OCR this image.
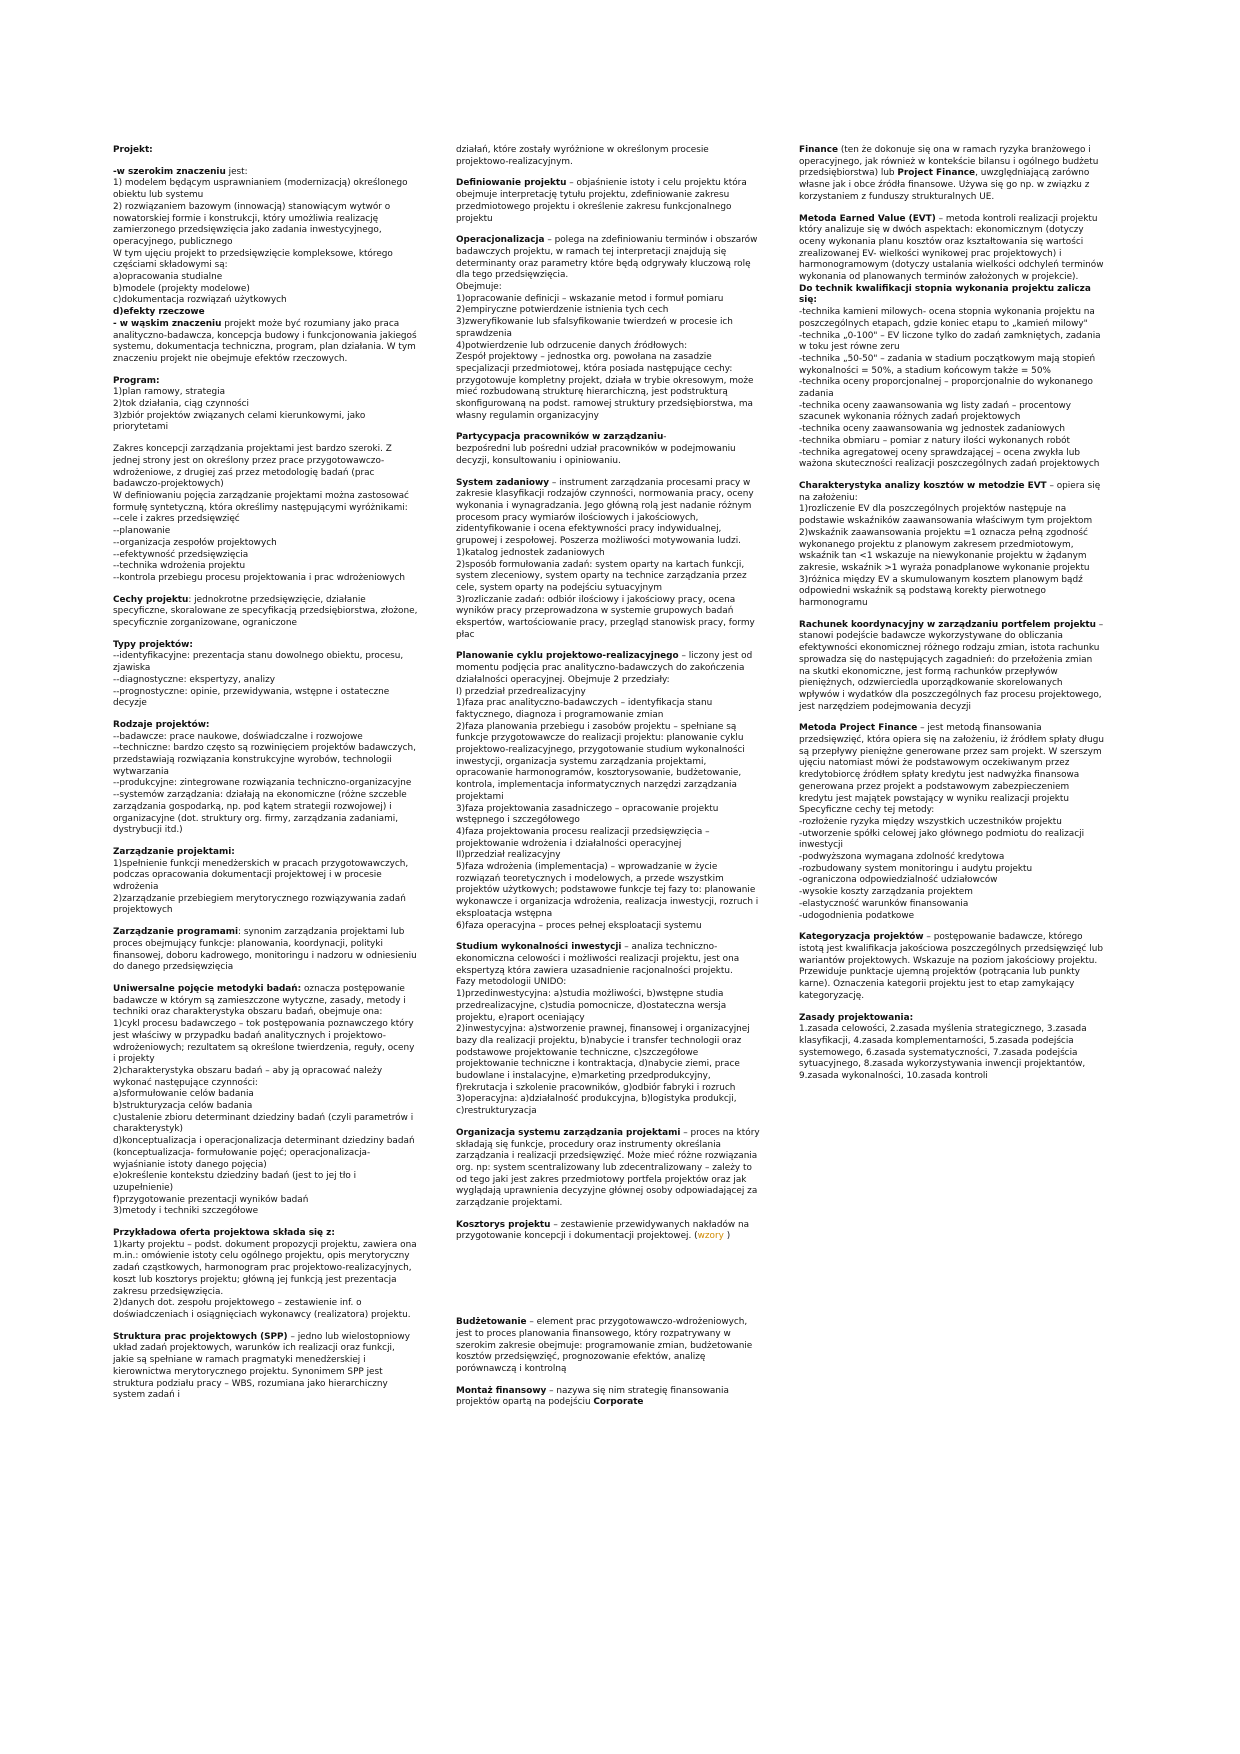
Projekt:
-w szerokim znaczeniu jest:
1) modelem będącym usprawnianiem (modernizacją) określonego obiektu lub systemu
2) rozwiązaniem bazowym (innowacją) stanowiącym wytwór o nowatorskiej formie i konstrukcji, który umożliwia realizację zamierzonego przedsięwzięcia jako zadania inwestycyjnego, operacyjnego, publicznego
W tym ujęciu projekt to przedsięwzięcie kompleksowe, którego częściami składowymi są:
a)opracowania studialne
b)modele (projekty modelowe)
c)dokumentacja rozwiązań użytkowych
d)efekty rzeczowe
- w wąskim znaczeniu projekt może być rozumiany jako praca analityczno-badawcza, koncepcja budowy i funkcjonowania jakiegoś systemu, dokumentacja techniczna, program, plan działania. W tym znaczeniu projekt nie obejmuje efektów rzeczowych.
Program:
1)plan ramowy, strategia
2)tok działania, ciąg czynności
3)zbiór projektów związanych celami kierunkowymi, jako priorytetami
Zakres koncepcji zarządzania projektami jest bardzo szeroki. Z jednej strony jest on określony przez prace przygotowawczo-wdrożeniowe, z drugiej zaś przez metodologię badań (prac badawczo-projektowych)
W definiowaniu pojęcia zarządzanie projektami można zastosować formułę syntetyczną, która określimy następującymi wyróżnikami:
--cele i zakres przedsięwzięć
--planowanie
--organizacja zespołów projektowych
--efektywność przedsięwzięcia
--technika wdrożenia projektu
--kontrola przebiegu procesu projektowania i prac wdrożeniowych
Cechy projektu: jednokrotne przedsięwzięcie, działanie specyficzne, skoralowane ze specyfikacją przedsiębiorstwa, złożone, specyficznie zorganizowane, ograniczone
Typy projektów:
--identyfikacyjne: prezentacja stanu dowolnego obiektu, procesu, zjawiska
--diagnostyczne: ekspertyzy, analizy
--prognostyczne: opinie, przewidywania, wstępne i ostateczne decyzje
Rodzaje projektów:
--badawcze: prace naukowe, doświadczalne i rozwojowe
--techniczne: bardzo często są rozwinięciem projektów badawczych, przedstawiają rozwiązania konstrukcyjne wyrobów, technologii wytwarzania
--produkcyjne: zintegrowane rozwiązania techniczno-organizacyjne
--systemów zarządzania: działają na ekonomiczne (różne szczeble zarządzania gospodarką, np. pod kątem strategii rozwojowej) i organizacyjne (dot. struktury org. firmy, zarządzania zadaniami, dystrybucji itd.)
Zarządzanie projektami:
1)spełnienie funkcji menedżerskich w pracach przygotowawczych, podczas opracowania dokumentacji projektowej i w procesie wdrożenia
2)zarządzanie przebiegiem merytorycznego rozwiązywania zadań projektowych
Zarządzanie programami: synonim zarządzania projektami lub proces obejmujący funkcje: planowania, koordynacji, polityki finansowej, doboru kadrowego, monitoringu i nadzoru w odniesieniu do danego przedsięwzięcia
Uniwersalne pojęcie metodyki badań: oznacza postępowanie badawcze w którym są zamieszczone wytyczne, zasady, metody i techniki oraz charakterystyka obszaru badań, obejmuje ona:
1)cykl procesu badawczego – tok postępowania poznawczego który jest właściwy w przypadku badań analitycznych i projektowo-wdrożeniowych; rezultatem są określone twierdzenia, reguły, oceny i projekty
2)charakterystyka obszaru badań – aby ją opracować należy wykonać następujące czynności:
a)sformułowanie celów badania
b)strukturyzacja celów badania
c)ustalenie zbioru determinant dziedziny badań (czyli parametrów i charakterystyk)
d)konceptualizacja i operacjonalizacja determinant dziedziny badań (konceptualizacja- formułowanie pojęć; operacjonalizacja- wyjaśnianie istoty danego pojęcia)
e)określenie kontekstu dziedziny badań (jest to jej tło i uzupełnienie)
f)przygotowanie prezentacji wyników badań
3)metody i techniki szczegółowe
Przykładowa oferta projektowa składa się z:
1)karty projektu – podst. dokument propozycji projektu, zawiera ona m.in.: omówienie istoty celu ogólnego projektu, opis merytoryczny zadań cząstkowych, harmonogram prac projektowo-realizacyjnych, koszt lub kosztorys projektu; główną jej funkcją jest prezentacja zakresu przedsięwzięcia.
2)danych dot. zespołu projektowego – zestawienie inf. o doświadczeniach i osiągnięciach wykonawcy (realizatora) projektu.
Struktura prac projektowych (SPP) – jedno lub wielostopniowy układ zadań projektowych, warunków ich realizacji oraz funkcji, jakie są spełniane w ramach pragmatyki menedżerskiej i kierownictwa merytorycznego projektu. Synonimem SPP jest struktura podziału pracy – WBS, rozumiana jako hierarchiczny system zadań i
działań, które zostały wyróżnione w określonym procesie projektowo-realizacyjnym.
Definiowanie projektu – objaśnienie istoty i celu projektu która obejmuje interpretację tytułu projektu, zdefiniowanie zakresu przedmiotowego projektu i określenie zakresu funkcjonalnego projektu
Operacjonalizacja – polega na zdefiniowaniu terminów i obszarów badawczych projektu, w ramach tej interpretacji znajdują się determinanty oraz parametry które będą odgrywały kluczową rolę dla tego przedsięwzięcia.
Obejmuje:
1)opracowanie definicji – wskazanie metod i formuł pomiaru
2)empiryczne potwierdzenie istnienia tych cech
3)zweryfikowanie lub sfalsyfikowanie twierdzeń w procesie ich sprawdzenia
4)potwierdzenie lub odrzucenie danych źródłowych:
Zespół projektowy – jednostka org. powołana na zasadzie specjalizacji przedmiotowej, która posiada następujące cechy: przygotowuje kompletny projekt, działa w trybie okresowym, może mieć rozbudowaną strukturę hierarchiczną, jest podstrukturą skonfigurowaną na podst. ramowej struktury przedsiębiorstwa, ma własny regulamin organizacyjny
Partycypacja pracowników w zarządzaniu-
bezpośredni lub pośredni udział pracowników w podejmowaniu decyzji, konsultowaniu i opiniowaniu.
System zadaniowy – instrument zarządzania procesami pracy w zakresie klasyfikacji rodzajów czynności, normowania pracy, oceny wykonania i wynagradzania. Jego główną rolą jest nadanie różnym procesom pracy wymiarów ilościowych i jakościowych, zidentyfikowanie i ocena efektywności pracy indywidualnej, grupowej i zespołowej. Poszerza możliwości motywowania ludzi.
1)katalog jednostek zadaniowych
2)sposób formułowania zadań: system oparty na kartach funkcji, system zleceniowy, system oparty na technice zarządzania przez cele, system oparty na podejściu sytuacyjnym
3)rozliczanie zadań: odbiór ilościowy i jakościowy pracy, ocena wyników pracy przeprowadzona w systemie grupowych badań ekspertów, wartościowanie pracy, przegląd stanowisk pracy, formy płac
Planowanie cyklu projektowo-realizacyjnego – liczony jest od momentu podjęcia prac analityczno-badawczych do zakończenia działalności operacyjnej. Obejmuje 2 przedziały:
I) przedział przedrealizacyjny
1)faza prac analityczno-badawczych – identyfikacja stanu faktycznego, diagnoza i programowanie zmian
2)faza planowania przebiegu i zasobów projektu – spełniane są funkcje przygotowawcze do realizacji projektu: planowanie cyklu projektowo-realizacyjnego, przygotowanie studium wykonalności inwestycji, organizacja systemu zarządzania projektami, opracowanie harmonogramów, kosztorysowanie, budżetowanie, kontrola, implementacja informatycznych narzędzi zarządzania projektami
3)faza projektowania zasadniczego – opracowanie projektu wstępnego i szczegółowego
4)faza projektowania procesu realizacji przedsięwzięcia – projektowanie wdrożenia i działalności operacyjnej
II)przedział realizacyjny
5)faza wdrożenia (implementacja) – wprowadzanie w życie rozwiązań teoretycznych i modelowych, a przede wszystkim projektów użytkowych; podstawowe funkcje tej fazy to: planowanie wykonawcze i organizacja wdrożenia, realizacja inwestycji, rozruch i eksploatacja wstępna
6)faza operacyjna – proces pełnej eksploatacji systemu
Studium wykonalności inwestycji – analiza techniczno-ekonomiczna celowości i możliwości realizacji projektu, jest ona ekspertyzą która zawiera uzasadnienie racjonalności projektu.
Fazy metodologii UNIDO:
1)przedinwestycyjna: a)studia możliwości, b)wstępne studia przedrealizacyjne, c)studia pomocnicze, d)ostateczna wersja projektu, e)raport oceniający
2)inwestycyjna: a)stworzenie prawnej, finansowej i organizacyjnej bazy dla realizacji projektu, b)nabycie i transfer technologii oraz podstawowe projektowanie techniczne, c)szczegółowe projektowanie techniczne i kontraktacja, d)nabycie ziemi, prace budowlane i instalacyjne, e)marketing przedprodukcyjny, f)rekrutacja i szkolenie pracowników, g)odbiór fabryki i rozruch
3)operacyjna: a)działalność produkcyjna, b)logistyka produkcji, c)restrukturyzacja
Organizacja systemu zarządzania projektami – proces na który składają się funkcje, procedury oraz instrumenty określania zarządzania i realizacji przedsięwzięć. Może mieć różne rozwiązania org. np: system scentralizowany lub zdecentralizowany – zależy to od tego jaki jest zakres przedmiotowy portfela projektów oraz jak wyglądają uprawnienia decyzyjne głównej osoby odpowiadającej za zarządzanie projektami.
Kosztorys projektu – zestawienie przewidywanych nakładów na przygotowanie koncepcji i dokumentacji projektowej. (wzory )
Budżetowanie – element prac przygotowawczo-wdrożeniowych, jest to proces planowania finansowego, który rozpatrywany w szerokim zakresie obejmuje: programowanie zmian, budżetowanie kosztów przedsięwzięć, prognozowanie efektów, analizę porównawczą i kontrolną
Montaż finansowy – nazywa się nim strategię finansowania projektów opartą na podejściu Corporate
Finance (ten że dokonuje się ona w ramach ryzyka branżowego i operacyjnego, jak również w kontekście bilansu i ogólnego budżetu przedsiębiorstwa) lub Project Finance, uwzględniającą zarówno własne jak i obce źródła finansowe. Używa się go np. w związku z korzystaniem z funduszy strukturalnych UE.
Metoda Earned Value (EVT) – metoda kontroli realizacji projektu który analizuje się w dwóch aspektach: ekonomicznym (dotyczy oceny wykonania planu kosztów oraz kształtowania się wartości zrealizowanej EV- wielkości wynikowej prac projektowych) i harmonogramowym (dotyczy ustalania wielkości odchyleń terminów wykonania od planowanych terminów założonych w projekcie).
Do technik kwalifikacji stopnia wykonania projektu zalicza się:
-technika kamieni milowych- ocena stopnia wykonania projektu na poszczególnych etapach, gdzie koniec etapu to „kamień milowy"
-technika „0-100" – EV liczone tylko do zadań zamkniętych, zadania w toku jest równe zeru
-technika „50-50" – zadania w stadium początkowym mają stopień wykonalności = 50%, a stadium końcowym także = 50%
-technika oceny proporcjonalnej – proporcjonalnie do wykonanego zadania
-technika oceny zaawansowania wg listy zadań – procentowy szacunek wykonania różnych zadań projektowych
-technika oceny zaawansowania wg jednostek zadaniowych
-technika obmiaru – pomiar z natury ilości wykonanych robót
-technika agregatowej oceny sprawdzającej – ocena zwykła lub ważona skuteczności realizacji poszczególnych zadań projektowych
Charakterystyka analizy kosztów w metodzie EVT – opiera się na założeniu:
1)rozliczenie EV dla poszczególnych projektów następuje na podstawie wskaźników zaawansowania właściwym tym projektom
2)wskaźnik zaawansowania projektu =1 oznacza pełną zgodność wykonanego projektu z planowym zakresem przedmiotowym, wskaźnik tan <1 wskazuje na niewykonanie projektu w żądanym zakresie, wskaźnik >1 wyraża ponadplanowe wykonanie projektu
3)różnica między EV a skumulowanym kosztem planowym bądź odpowiedni wskaźnik są podstawą korekty pierwotnego harmonogramu
Rachunek koordynacyjny w zarządzaniu portfelem projektu – stanowi podejście badawcze wykorzystywane do obliczania efektywności ekonomicznej różnego rodzaju zmian, istota rachunku sprowadza się do następujących zagadnień: do przełożenia zmian na skutki ekonomiczne, jest formą rachunków przepływów pieniężnych, odzwierciedla uporządkowanie skorelowanych wpływów i wydatków dla poszczególnych faz procesu projektowego, jest narzędziem podejmowania decyzji
Metoda Project Finance – jest metodą finansowania przedsięwzięć, która opiera się na założeniu, iż źródłem spłaty długu są przepływy pieniężne generowane przez sam projekt. W szerszym ujęciu natomiast mówi że podstawowym oczekiwanym przez kredytobiorcę źródłem spłaty kredytu jest nadwyżka finansowa generowana przez projekt a podstawowym zabezpieczeniem kredytu jest majątek powstający w wyniku realizacji projektu
Specyficzne cechy tej metody:
-rozłożenie ryzyka między wszystkich uczestników projektu
-utworzenie spółki celowej jako głównego podmiotu do realizacji inwestycji
-podwyższona wymagana zdolność kredytowa
-rozbudowany system monitoringu i audytu projektu
-ograniczona odpowiedzialność udziałowców
-wysokie koszty zarządzania projektem
-elastyczność warunków finansowania
-udogodnienia podatkowe
Kategoryzacja projektów – postępowanie badawcze, którego istotą jest kwalifikacja jakościowa poszczególnych przedsięwzięć lub wariantów projektowych. Wskazuje na poziom jakościowy projektu. Przewiduje punktacje ujemną projektów (potrącania lub punkty karne). Oznaczenia kategorii projektu jest to etap zamykający kategoryzację.
Zasady projektowania:
1.zasada celowości, 2.zasada myślenia strategicznego, 3.zasada klasyfikacji, 4.zasada komplementarności, 5.zasada podejścia systemowego, 6.zasada systematyczności, 7.zasada podejścia sytuacyjnego, 8.zasada wykorzystywania inwencji projektantów, 9.zasada wykonalności, 10.zasada kontroli
